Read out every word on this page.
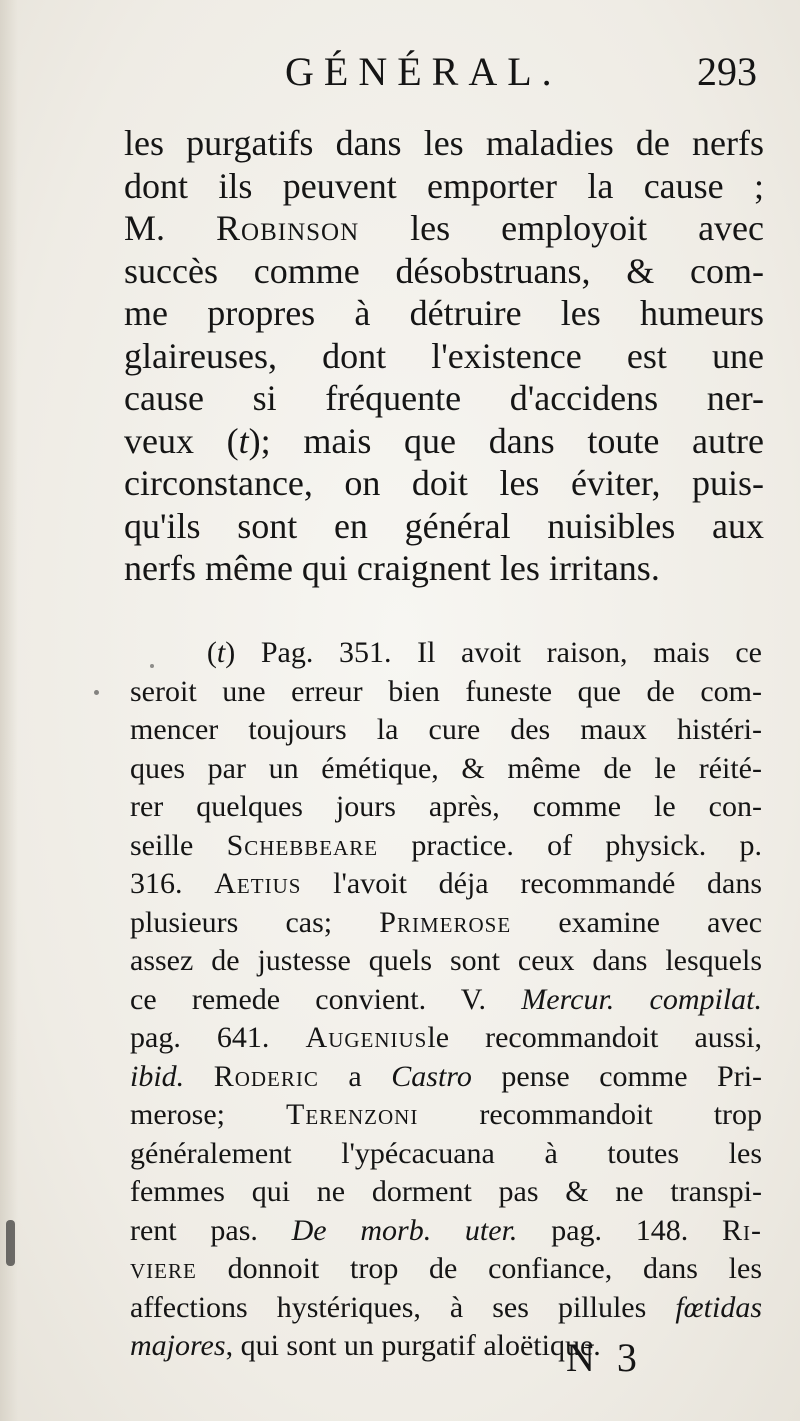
GÉNÉRAL.	293
les purgatifs dans les maladies de nerfs
dont ils peuvent emporter la cause ;
M. Robinson les employoit avec
succès comme désobstruans, & com-
me propres à détruire les humeurs
glaireuses, dont l'existence est une
cause si fréquente d'accidens ner-
veux (t); mais que dans toute autre
circonstance, on doit les éviter, puis-
qu'ils sont en général nuisibles aux
nerfs même qui craignent les irritans.
(t) Pag. 351. Il avoit raison, mais ce
seroit une erreur bien funeste que de com-
mencer toujours la cure des maux histéri-
ques par un émétique, & même de le réité-
rer quelques jours après, comme le con-
seille Schebbeare practice. of physick. p.
316. Aetius l'avoit déja recommandé dans
plusieurs cas; Primerose examine avec
assez de justesse quels sont ceux dans lesquels
ce remede convient. V. Mercur. compilat.
pag. 641. Augeniusle recommandoit aussi,
ibid. Roderic a Castro pense comme Pri-
merose; Terenzoni recommandoit trop
généralement l'ypécacuana à toutes les
femmes qui ne dorment pas & ne transpi-
rent pas. De morb. uter. pag. 148. Ri-
viere donnoit trop de confiance, dans les
affections hystériques, à ses pillules fœtidas
majores, qui sont un purgatif aloëtique.
N 3
